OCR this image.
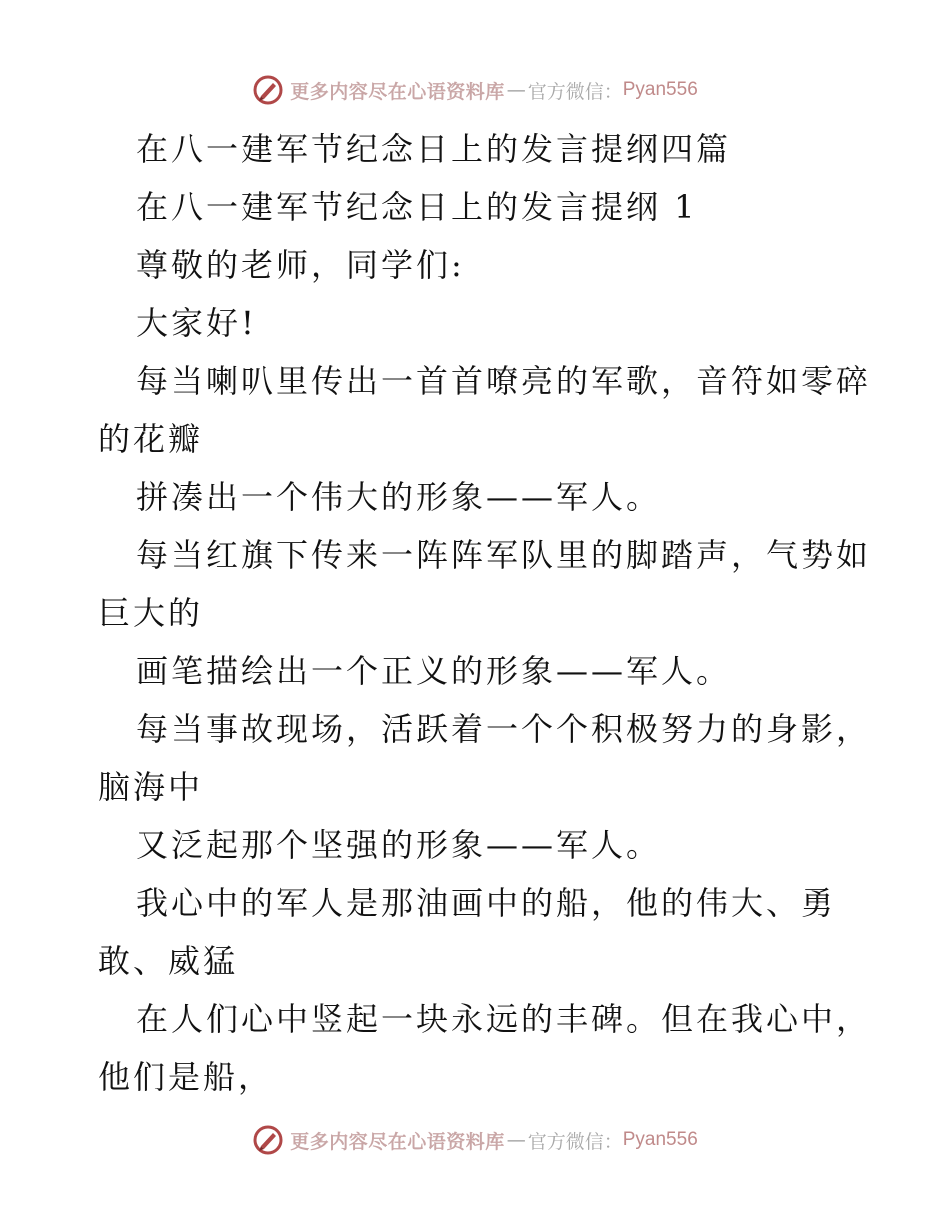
更多内容尽在心语资料库 — 官方微信： Pyan556
在八一建军节纪念日上的发言提纲四篇
在八一建军节纪念日上的发言提纲 1
尊敬的老师，同学们:
大家好!
每当喇叭里传出一首首嘹亮的军歌，音符如零碎
的花瓣
拼凑出一个伟大的形象——军人。
每当红旗下传来一阵阵军队里的脚踏声，气势如
巨大的
画笔描绘出一个正义的形象——军人。
每当事故现场，活跃着一个个积极努力的身影，
脑海中
又泛起那个坚强的形象——军人。
我心中的军人是那油画中的船，他的伟大、勇
敢、威猛
在人们心中竖起一块永远的丰碑。但在我心中，
他们是船，
更多内容尽在心语资料库 — 官方微信： Pyan556
